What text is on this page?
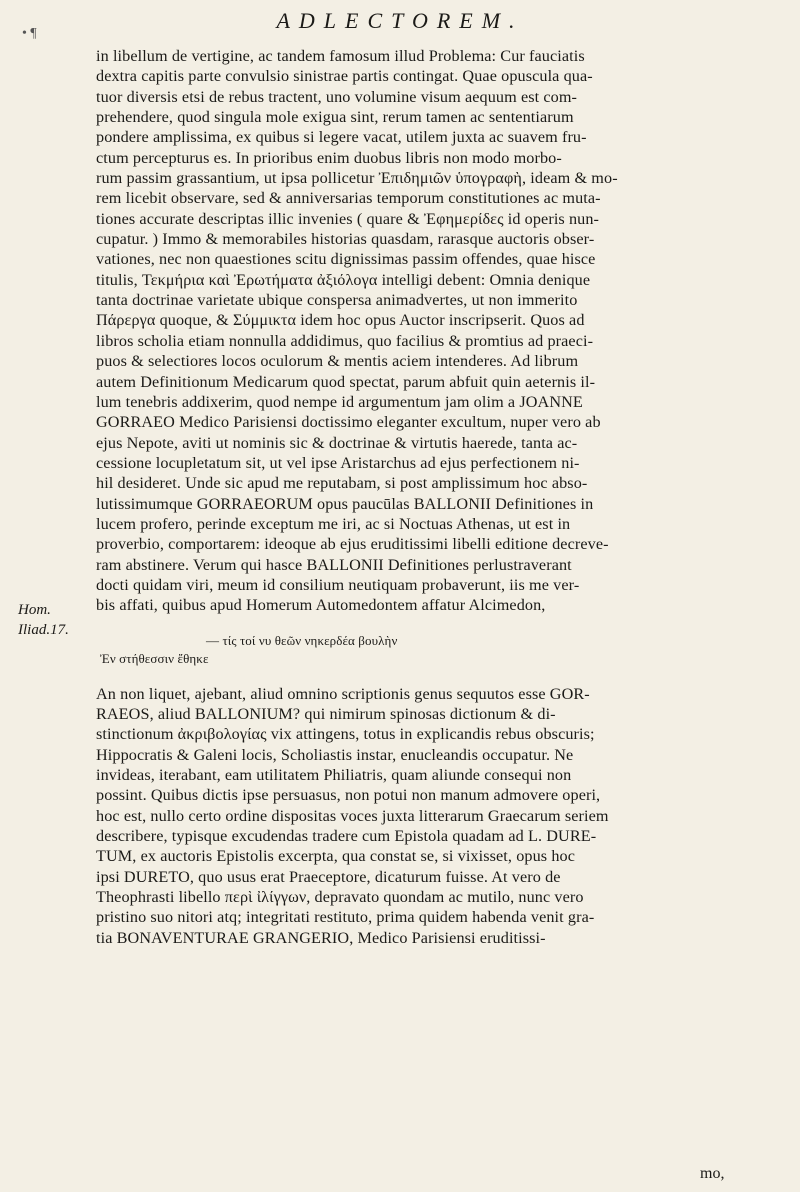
• ¶
ADLECTOREM.
Hom.
Iliad.17.
in libellum de vertigine, ac tandem famosum illud Problema: Cur fauciatis
dextra capitis parte convulsio sinistrae partis contingat. Quae opuscula qua-
tuor diversis etsi de rebus tractent, uno volumine visum aequum est com-
prehendere, quod singula mole exigua sint, rerum tamen ac sententiarum
pondere amplissima, ex quibus si legere vacat, utilem juxta ac suavem fru-
ctum percepturus es. In prioribus enim duobus libris non modo morbo-
rum passim grassantium, ut ipsa pollicetur Ἐπιδημιῶν ὑπογραφὴ, ideam & mo-
rem licebit observare, sed & anniversarias temporum constitutiones ac muta-
tiones accurate descriptas illic invenies ( quare & Ἐφημερίδες id operis nun-
cupatur. ) Immo & memorabiles historias quasdam, rarasque auctoris obser-
vationes, nec non quaestiones scitu dignissimas passim offendes, quae hisce
titulis, Τεκμήρια καὶ Ἐρωτήματα ἀξιόλογα intelligi debent: Omnia denique
tanta doctrinae varietate ubique conspersa animadvertes, ut non immerito
Πάρεργα quoque, & Σύμμικτα idem hoc opus Auctor inscripserit. Quos ad
libros scholia etiam nonnulla addidimus, quo facilius & promtius ad praeci-
puos & selectiores locos oculorum & mentis aciem intenderes. Ad librum
autem Definitionum Medicarum quod spectat, parum abfuit quin aeternis il-
lum tenebris addixerim, quod nempe id argumentum jam olim a JOANNE
GORRAEO Medico Parisiensi doctissimo eleganter excultum, nuper vero ab
ejus Nepote, aviti ut nominis sic & doctrinae & virtutis haerede, tanta ac-
cessione locupletatum sit, ut vel ipse Aristarchus ad ejus perfectionem ni-
hil desideret. Unde sic apud me reputabam, si post amplissimum hoc abso-
lutissimumque GORRAEORUM opus paucūlas BALLONII Definitiones in
lucem profero, perinde exceptum me iri, ac si Noctuas Athenas, ut est in
proverbio, comportarem: ideoque ab ejus eruditissimi libelli editione decreve-
ram abstinere. Verum qui hasce BALLONII Definitiones perlustraverant
docti quidam viri, meum id consilium neutiquam probaverunt, iis me ver-
bis affati, quibus apud Homerum Automedontem affatur Alcimedon,
— τίς τοί νυ θεῶν νηκερδέα βουλὴν
Ἐν στήθεσσιν ἔθηκε
An non liquet, ajebant, aliud omnino scriptionis genus sequutos esse GOR-
RAEOS, aliud BALLONIUM? qui nimirum spinosas dictionum & di-
stinctionum ἀκριβολογίας vix attingens, totus in explicandis rebus obscuris;
Hippocratis & Galeni locis, Scholiastis instar, enucleandis occupatur. Ne
invideas, iterabant, eam utilitatem Philiatris, quam aliunde consequi non
possint. Quibus dictis ipse persuasus, non potui non manum admovere operi,
hoc est, nullo certo ordine dispositas voces juxta litterarum Graecarum seriem
describere, typisque excudendas tradere cum Epistola quadam ad L. DURE-
TUM, ex auctoris Epistolis excerpta, qua constat se, si vixisset, opus hoc
ipsi DURETO, quo usus erat Praeceptore, dicaturum fuisse. At vero de
Theophrasti libello περὶ ἰλίγγων, depravato quondam ac mutilo, nunc vero
pristino suo nitori atq; integritati restituto, prima quidem habenda venit gra-
tia BONAVENTURAE GRANGERIO, Medico Parisiensi eruditissi-
mo,
